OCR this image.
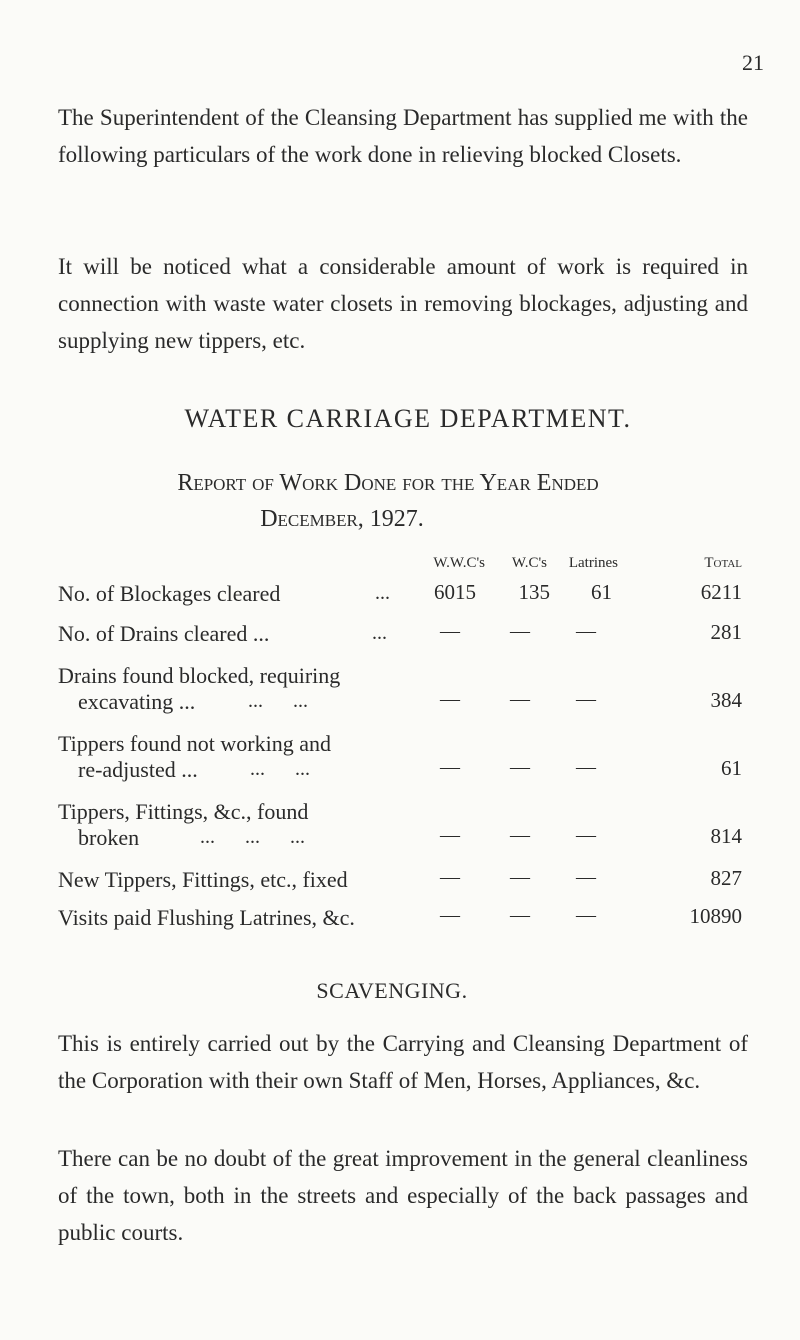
21

The Superintendent of the Cleansing Department has supplied me with the following particulars of the work done in relieving blocked Closets.

It will be noticed what a considerable amount of work is required in connection with waste water closets in removing blockages, adjusting and supplying new tippers, etc.

WATER CARRIAGE DEPARTMENT.
Report of Work Done for the Year Ended
December, 1927.
W.W.C's	W.C's	Latrines	Total
No. of Blockages cleared	...	6015	135	61	6211
No. of Drains cleared ...	...	—	—	—	281
Drains found blocked, requiring
excavating ...	...      ...	—	—	—	384
Tippers found not working and
re-adjusted ...	...      ...	—	—	—	61
Tippers, Fittings, &c., found
broken	...      ...      ...	—	—	—	814
New Tippers, Fittings, etc., fixed	—	—	—	827
Visits paid Flushing Latrines, &c.	—	—	—	10890
SCAVENGING.

This is entirely carried out by the Carrying and Cleansing Department of the Corporation with their own Staff of Men, Horses, Appliances, &c.

There can be no doubt of the great improvement in the general cleanliness of the town, both in the streets and especially of the back passages and public courts.
